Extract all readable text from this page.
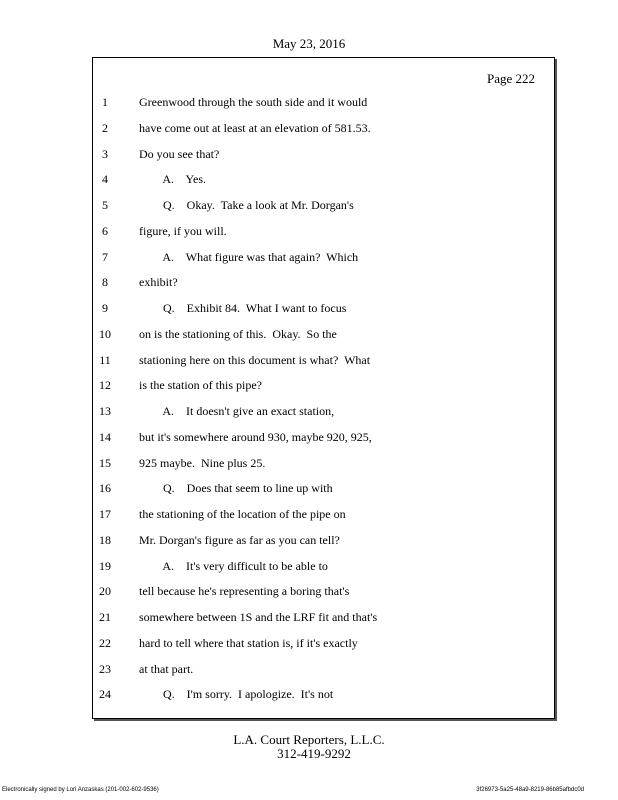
May 23, 2016
Page 222
1	Greenwood through the south side and it would
2	have come out at least at an elevation of 581.53.
3	Do you see that?
4	A.    Yes.
5	Q.    Okay.  Take a look at Mr. Dorgan's
6	figure, if you will.
7	A.    What figure was that again?  Which
8	exhibit?
9	Q.    Exhibit 84.  What I want to focus
10	on is the stationing of this.  Okay.  So the
11	stationing here on this document is what?  What
12	is the station of this pipe?
13	A.    It doesn't give an exact station,
14	but it's somewhere around 930, maybe 920, 925,
15	925 maybe.  Nine plus 25.
16	Q.    Does that seem to line up with
17	the stationing of the location of the pipe on
18	Mr. Dorgan's figure as far as you can tell?
19	A.    It's very difficult to be able to
20	tell because he's representing a boring that's
21	somewhere between 1S and the LRF fit and that's
22	hard to tell where that station is, if it's exactly
23	at that part.
24	Q.    I'm sorry.  I apologize.  It's not
L.A. Court Reporters, L.L.C.
312-419-9292
Electronically signed by Lori Anzaskas (201-002-602-9536)	3f26973-5a25-48a9-8219-86b85afbdc0d
